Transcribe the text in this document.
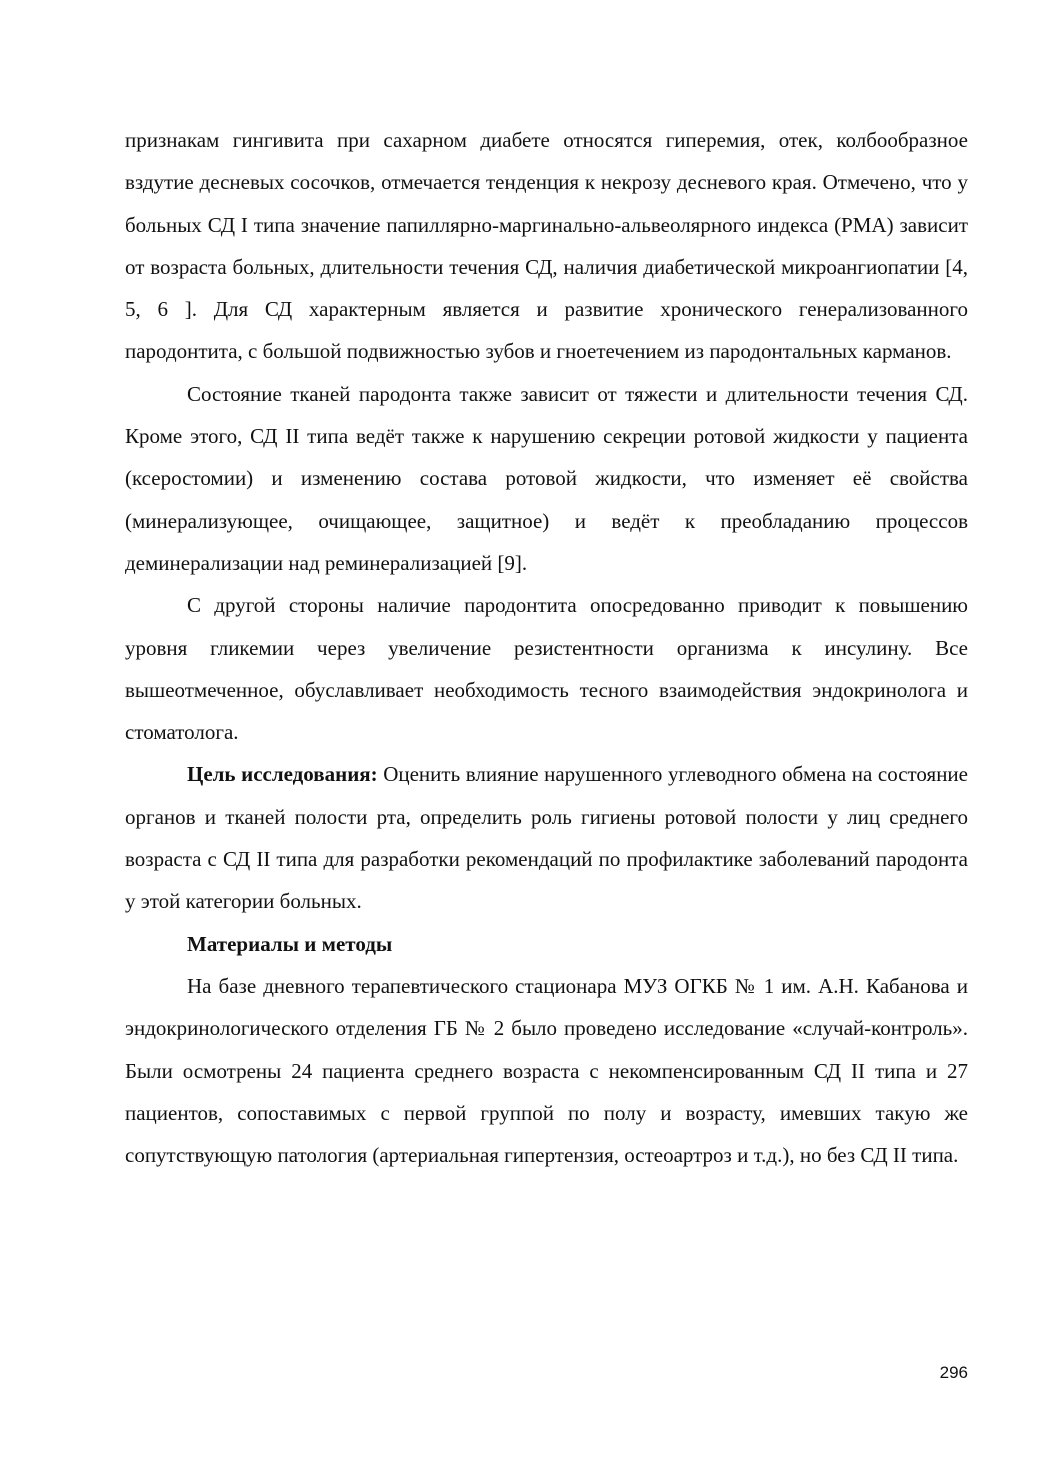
признакам гингивита при сахарном диабете относятся гиперемия, отек, колбообразное вздутие десневых сосочков, отмечается тенденция к некрозу десневого края. Отмечено, что у больных СД I типа значение папиллярно-маргинально-альвеолярного индекса (PMA) зависит от возраста больных, длительности течения СД, наличия диабетической микроангиопатии [4, 5, 6 ]. Для СД характерным является и развитие хронического генерализованного пародонтита, с большой подвижностью зубов и гноетечением из пародонтальных карманов.

Состояние тканей пародонта также зависит от тяжести и длительности течения СД. Кроме этого, СД II типа ведёт также к нарушению секреции ротовой жидкости у пациента (ксеростомии) и изменению состава ротовой жидкости, что изменяет её свойства (минерализующее, очищающее, защитное) и ведёт к преобладанию процессов деминерализации над реминерализацией [9].

С другой стороны наличие пародонтита опосредованно приводит к повышению уровня гликемии через увеличение резистентности организма к инсулину. Все вышеотмеченное, обуславливает необходимость тесного взаимодействия эндокринолога и стоматолога.

Цель исследования: Оценить влияние нарушенного углеводного обмена на состояние органов и тканей полости рта, определить роль гигиены ротовой полости у лиц среднего возраста с СД II типа для разработки рекомендаций по профилактике заболеваний пародонта у этой категории больных.

Материалы и методы

На базе дневного терапевтического стационара МУЗ ОГКБ № 1 им. А.Н. Кабанова и эндокринологического отделения ГБ № 2 было проведено исследование «случай-контроль». Были осмотрены 24 пациента среднего возраста с некомпенсированным СД II типа и 27 пациентов, сопоставимых с первой группой по полу и возрасту, имевших такую же сопутствующую патология (артериальная гипертензия, остеоартроз и т.д.), но без СД II типа.

296
